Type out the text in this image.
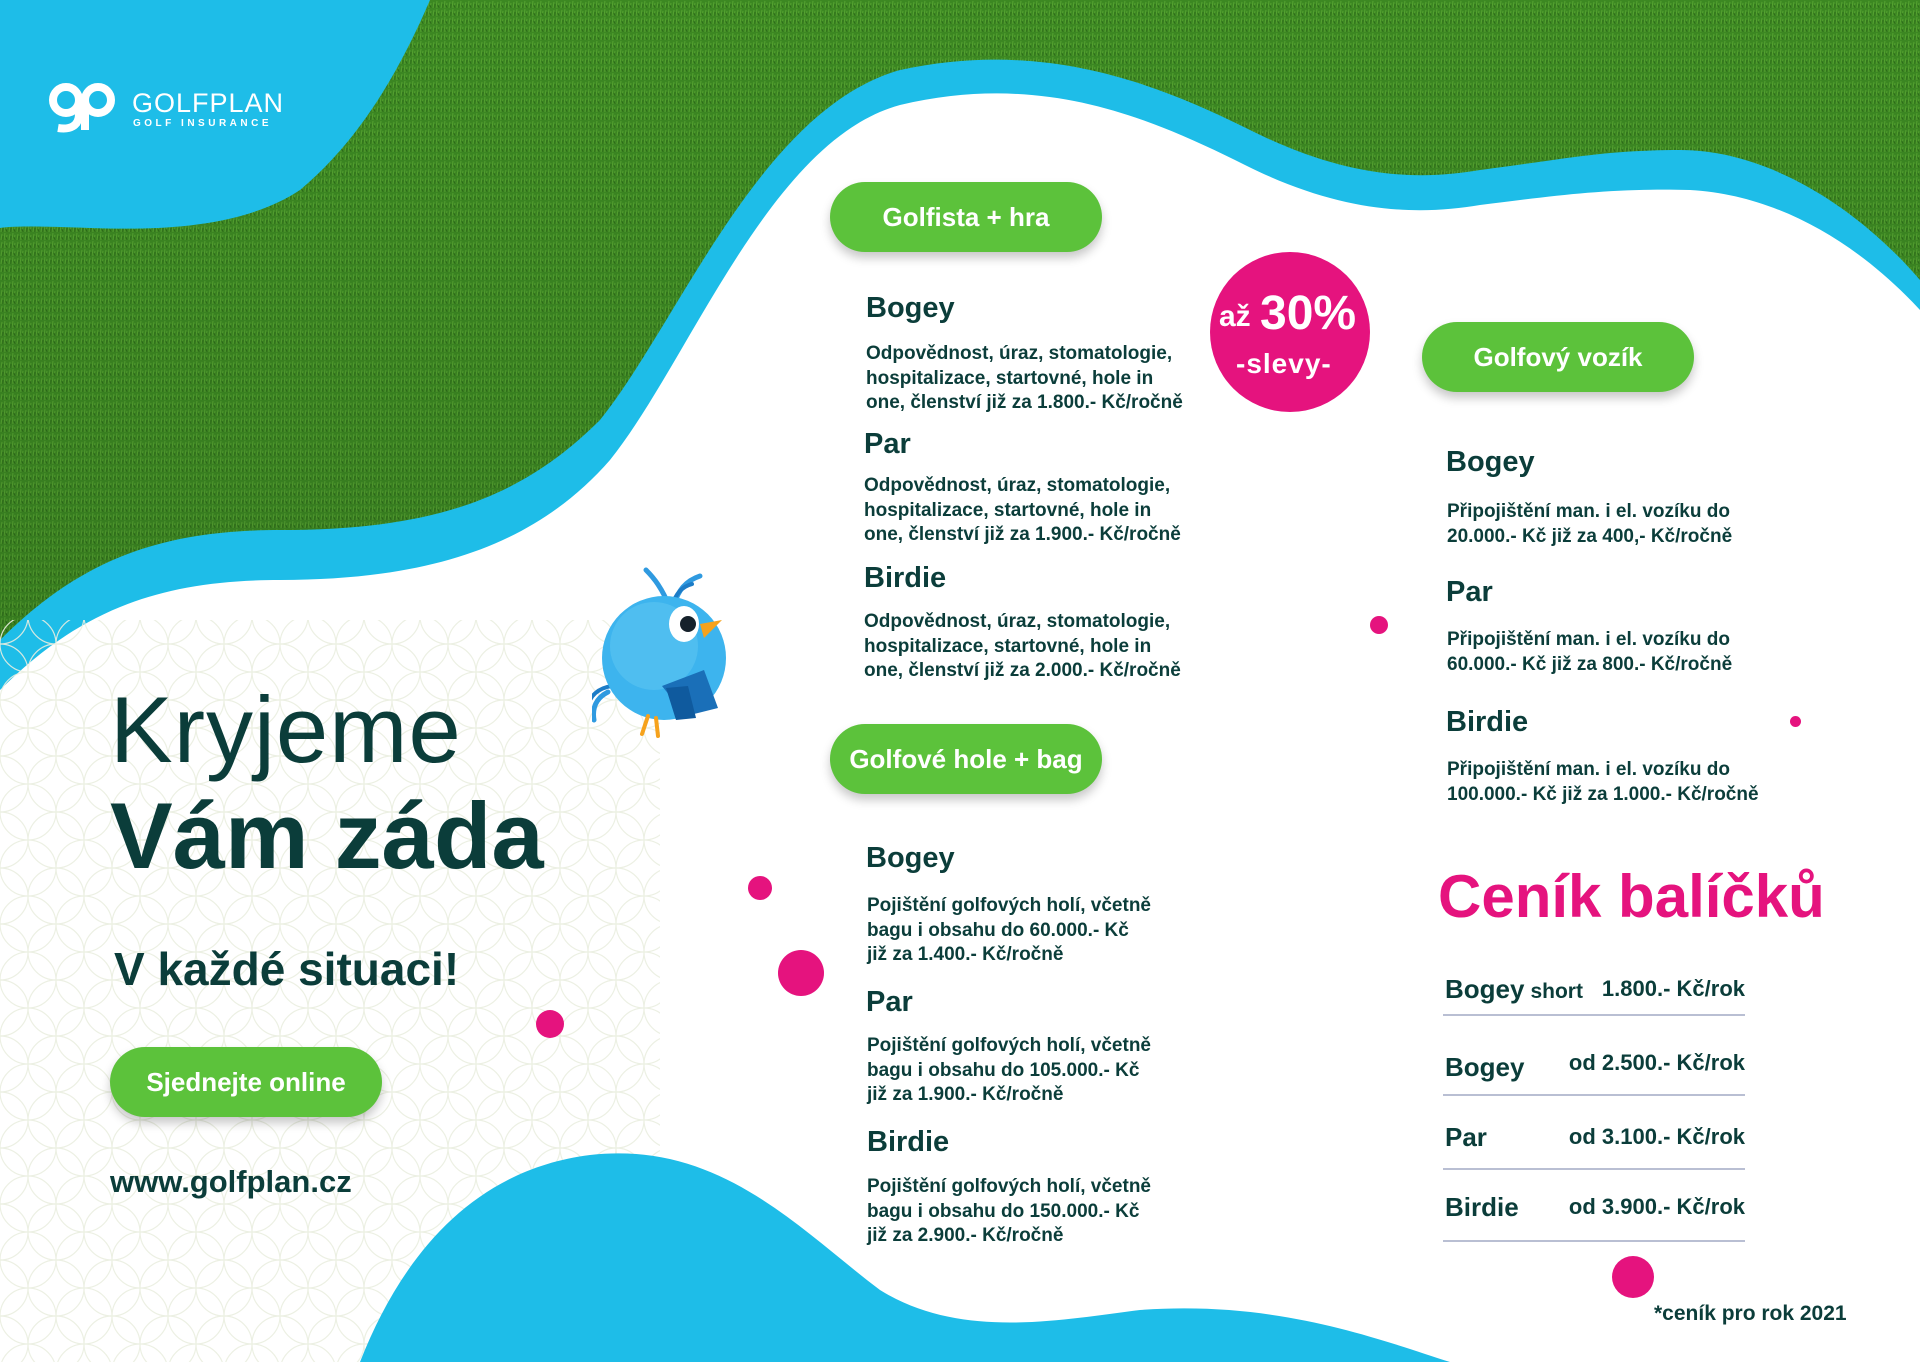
GOLFPLAN
GOLF INSURANCE
Kryjeme
Vám záda
V každé situaci!
Sjednejte online
www.golfplan.cz
až 30%
-slevy-
Golfista + hra
Bogey
Odpovědnost, úraz, stomatologie,
hospitalizace, startovné, hole in
one, členství již za 1.800.- Kč/ročně
Par
Odpovědnost, úraz, stomatologie,
hospitalizace, startovné, hole in
one, členství již za 1.900.- Kč/ročně
Birdie
Odpovědnost, úraz, stomatologie,
hospitalizace, startovné, hole in
one, členství již za 2.000.- Kč/ročně
Golfové hole + bag
Bogey
Pojištění golfových holí, včetně
bagu i obsahu do 60.000.- Kč
již za 1.400.- Kč/ročně
Par
Pojištění golfových holí, včetně
bagu i obsahu do 105.000.- Kč
již za 1.900.- Kč/ročně
Birdie
Pojištění golfových holí, včetně
bagu i obsahu do 150.000.- Kč
již za 2.900.- Kč/ročně
Golfový vozík
Bogey
Připojištění man. i el. vozíku do
20.000.- Kč již za 400,- Kč/ročně
Par
Připojištění man. i el. vozíku do
60.000.- Kč již za 800.- Kč/ročně
Birdie
Připojištění man. i el. vozíku do
100.000.- Kč již za 1.000.- Kč/ročně
Ceník balíčků
Bogey short 1.800.- Kč/rok
Bogey od 2.500.- Kč/rok
Par	od 3.100.- Kč/rok
Birdie od 3.900.- Kč/rok
*ceník pro rok 2021
